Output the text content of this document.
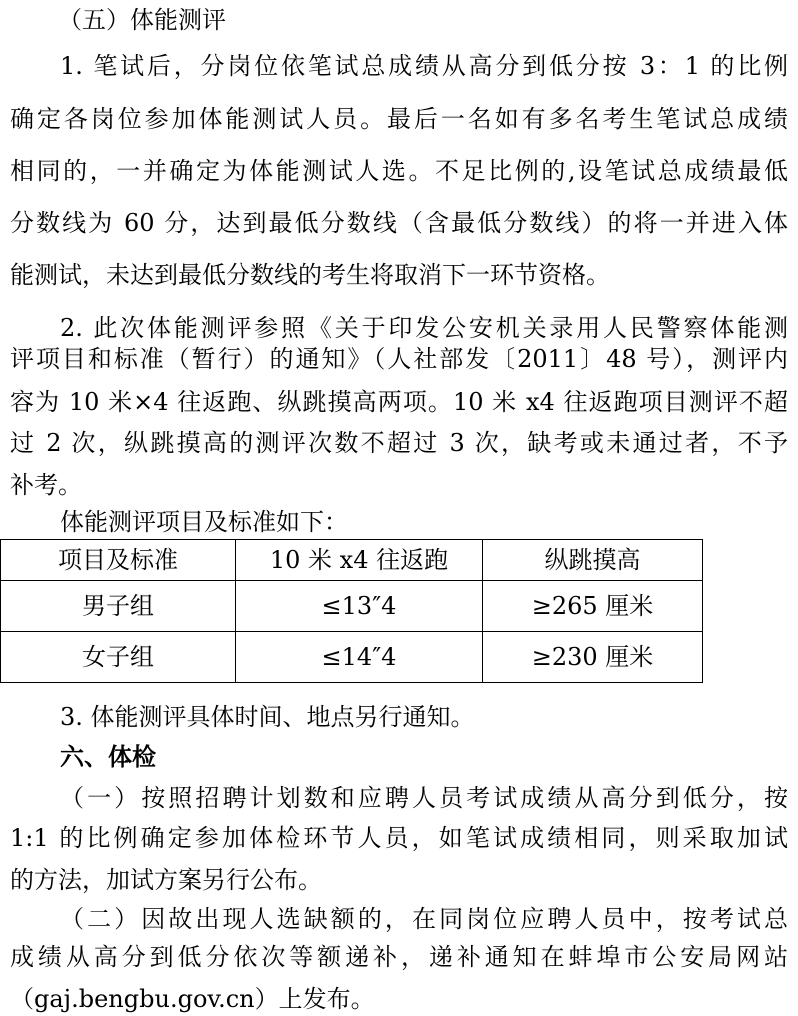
（五）体能测评
1. 笔试后，分岗位依笔试总成绩从高分到低分按 3：1 的比例
确定各岗位参加体能测试人员。最后一名如有多名考生笔试总成绩
相同的，一并确定为体能测试人选。不足比例的,设笔试总成绩最低
分数线为 60 分，达到最低分数线（含最低分数线）的将一并进入体
能测试，未达到最低分数线的考生将取消下一环节资格。
2. 此次体能测评参照《关于印发公安机关录用人民警察体能测
评项目和标准（暂行）的通知》（人社部发〔2011〕48 号），测评内
容为 10 米×4 往返跑、纵跳摸高两项。10 米 x4 往返跑项目测评不超
过 2 次，纵跳摸高的测评次数不超过 3 次，缺考或未通过者，不予
补考。
体能测评项目及标准如下：
项目及标准	10 米 x4 往返跑	纵跳摸高
男子组	≤13″4	≥265 厘米
女子组	≤14″4	≥230 厘米
3. 体能测评具体时间、地点另行通知。
六、体检
（一）按照招聘计划数和应聘人员考试成绩从高分到低分，按
1:1 的比例确定参加体检环节人员，如笔试成绩相同，则采取加试
的方法，加试方案另行公布。
（二）因故出现人选缺额的，在同岗位应聘人员中，按考试总
成绩从高分到低分依次等额递补，递补通知在蚌埠市公安局网站
（gaj.bengbu.gov.cn）上发布。
